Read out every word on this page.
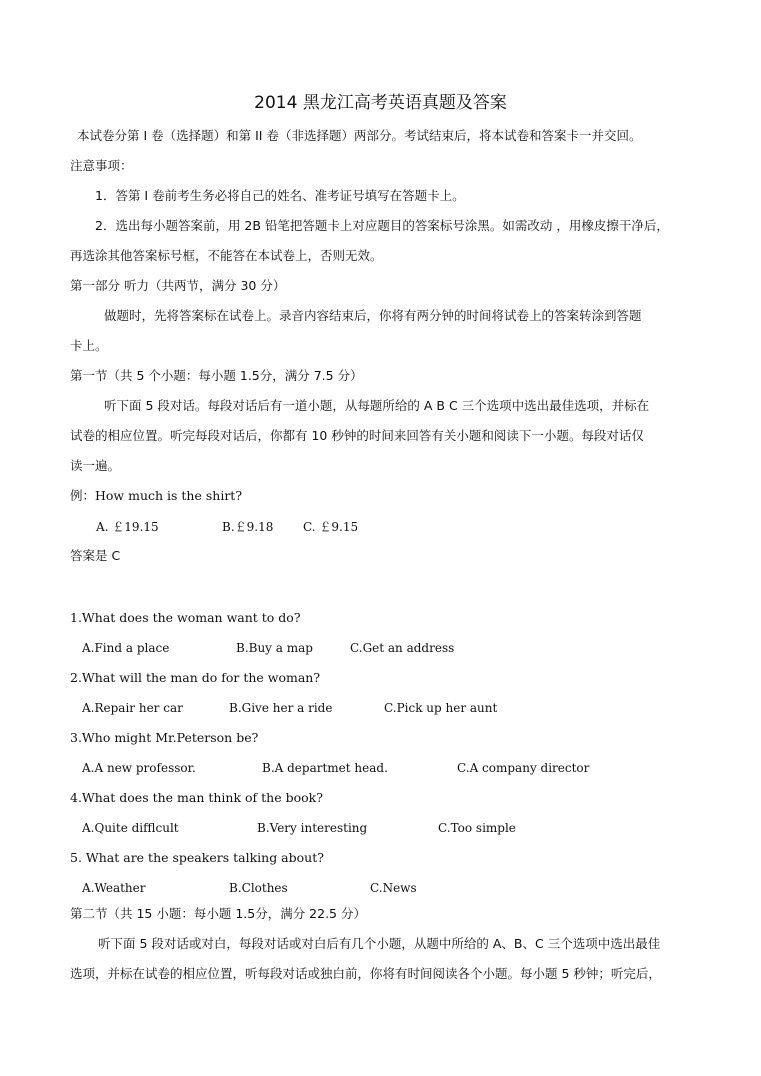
2014 黑龙江高考英语真题及答案
本试卷分第 I 卷（选择题）和第 II 卷（非选择题）两部分。考试结束后，将本试卷和答案卡一并交回。
注意事项：
1．答第 I 卷前考生务必将自己的姓名、准考证号填写在答题卡上。
2．选出每小题答案前，用 2B 铅笔把答题卡上对应题目的答案标号涂黑。如需改动 ，用橡皮擦干净后，
再选涂其他答案标号框，不能答在本试卷上，否则无效。
第一部分 听力（共两节，满分 30 分）
做题时，先将答案标在试卷上。录音内容结束后，你将有两分钟的时间将试卷上的答案转涂到答题
卡上。
第一节（共 5 个小题：每小题 1.5分，满分 7.5 分）
听下面 5 段对话。每段对话后有一道小题，从每题所给的 A B C 三个选项中选出最佳选项，并标在
试卷的相应位置。听完每段对话后，你都有 10 秒钟的时间来回答有关小题和阅读下一小题。每段对话仅
读一遍。
例：How much is the shirt?
A. ￡19.15	B.￡9.18 C. ￡9.15
答案是 C
1.What does the woman want to do?
A.Find a place	B.Buy a map	C.Get an address
2.What will the man do for the woman?
A.Repair her car	B.Give her a ride	C.Pick up her aunt
3.Who might Mr.Peterson be?
A.A new professor.	B.A departmet head.	C.A company director
4.What does the man think of the book?
A.Quite difflcult	B.Very interesting	C.Too simple
5. What are the speakers talking about?
A.Weather	B.Clothes	C.News
第二节（共 15 小题：每小题 1.5分，满分 22.5 分）
听下面 5 段对话或对白，每段对话或对白后有几个小题，从题中所给的 A、B、C 三个选项中选出最佳
选项，并标在试卷的相应位置，听每段对话或独白前，你将有时间阅读各个小题。每小题 5 秒钟；听完后，
